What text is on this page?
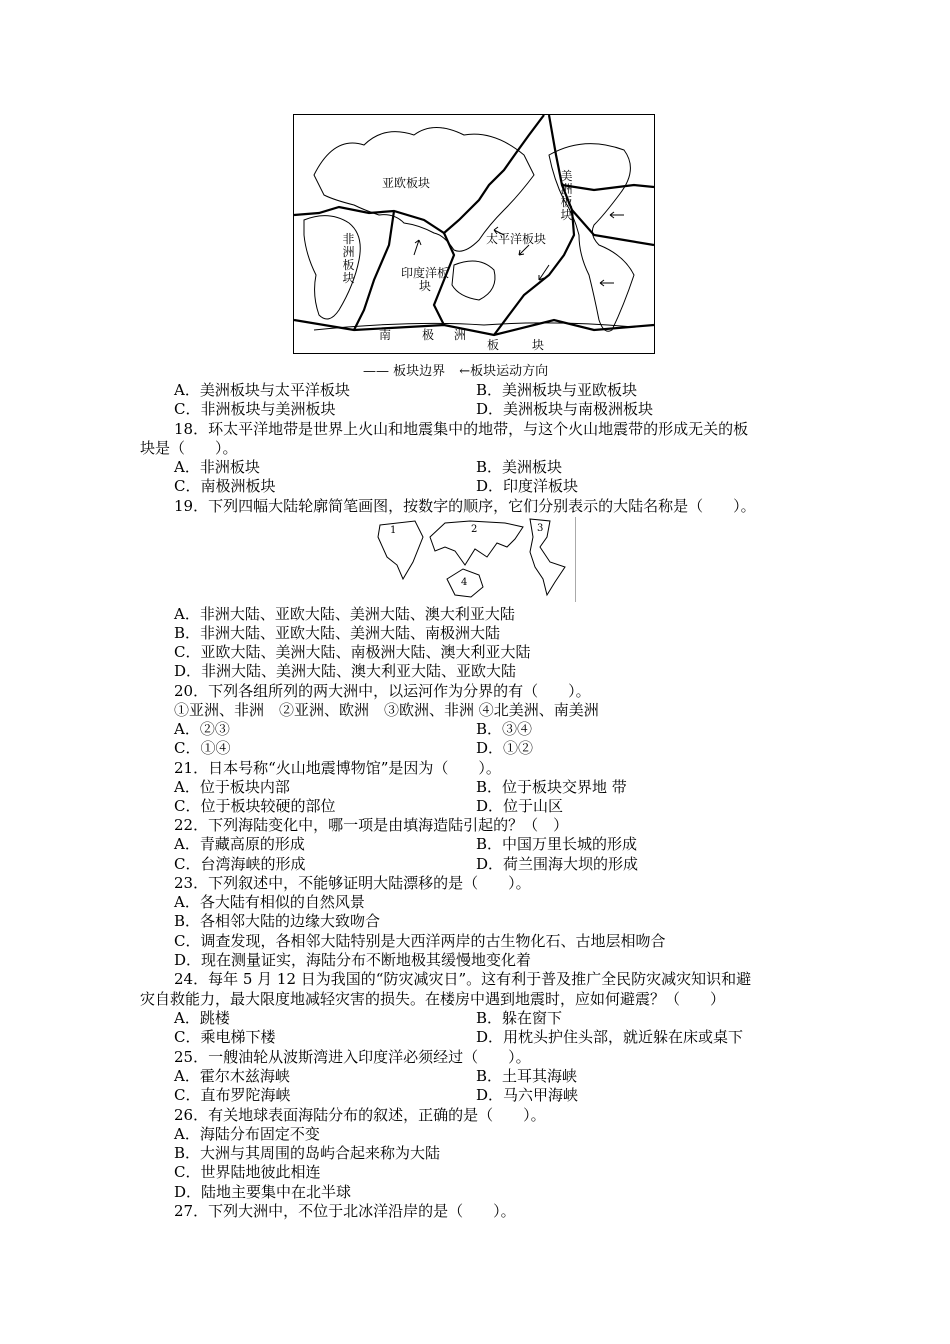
亚欧板块
非洲板块	印度洋板块
太平洋板块
美洲板块
南	极 洲
板	块
—— 板块边界 ←板块运动方向
A．美洲板块与太平洋板块	B．美洲板块与亚欧板块
C．非洲板块与美洲板块	D．美洲板块与南极洲板块
18．环太平洋地带是世界上火山和地震集中的地带，与这个火山地震带的形成无关的板
块是（　　）。
A．非洲板块	B．美洲板块
C．南极洲板块	D．印度洋板块
19．下列四幅大陆轮廓简笔画图，按数字的顺序，它们分别表示的大陆名称是（　　）。
1	2	3
4
A．非洲大陆、亚欧大陆、美洲大陆、澳大利亚大陆
B．非洲大陆、亚欧大陆、美洲大陆、南极洲大陆
C．亚欧大陆、美洲大陆、南极洲大陆、澳大利亚大陆
D．非洲大陆、美洲大陆、澳大利亚大陆、亚欧大陆
20．下列各组所列的两大洲中，以运河作为分界的有（　　）。
①亚洲、非洲　②亚洲、欧洲　③欧洲、非洲 ④北美洲、南美洲
A．②③	B．③④
C．①④	D．①②
21．日本号称“火山地震博物馆”是因为（　　）。
A．位于板块内部	B．位于板块交界地 带
C．位于板块较硬的部位	D．位于山区
22．下列海陆变化中，哪一项是由填海造陆引起的？（　）
A．青藏高原的形成	B．中国万里长城的形成
C．台湾海峡的形成	D．荷兰围海大坝的形成
23．下列叙述中，不能够证明大陆漂移的是（　　）。
A．各大陆有相似的自然风景
B．各相邻大陆的边缘大致吻合
C．调查发现，各相邻大陆特别是大西洋两岸的古生物化石、古地层相吻合
D．现在测量证实，海陆分布不断地极其缓慢地变化着
24．每年 5 月 12 日为我国的“防灾减灾日”。这有利于普及推广全民防灾减灾知识和避
灾自救能力，最大限度地减轻灾害的损失。在楼房中遇到地震时，应如何避震？（　　）
A．跳楼	B．躲在窗下
C．乘电梯下楼	D．用枕头护住头部，就近躲在床或桌下
25．一艘油轮从波斯湾进入印度洋必须经过（　　）。
A．霍尔木兹海峡	B．土耳其海峡
C．直布罗陀海峡	D．马六甲海峡
26．有关地球表面海陆分布的叙述，正确的是（　　）。
A．海陆分布固定不变
B．大洲与其周围的岛屿合起来称为大陆
C．世界陆地彼此相连
D．陆地主要集中在北半球
27．下列大洲中，不位于北冰洋沿岸的是（　　）。
